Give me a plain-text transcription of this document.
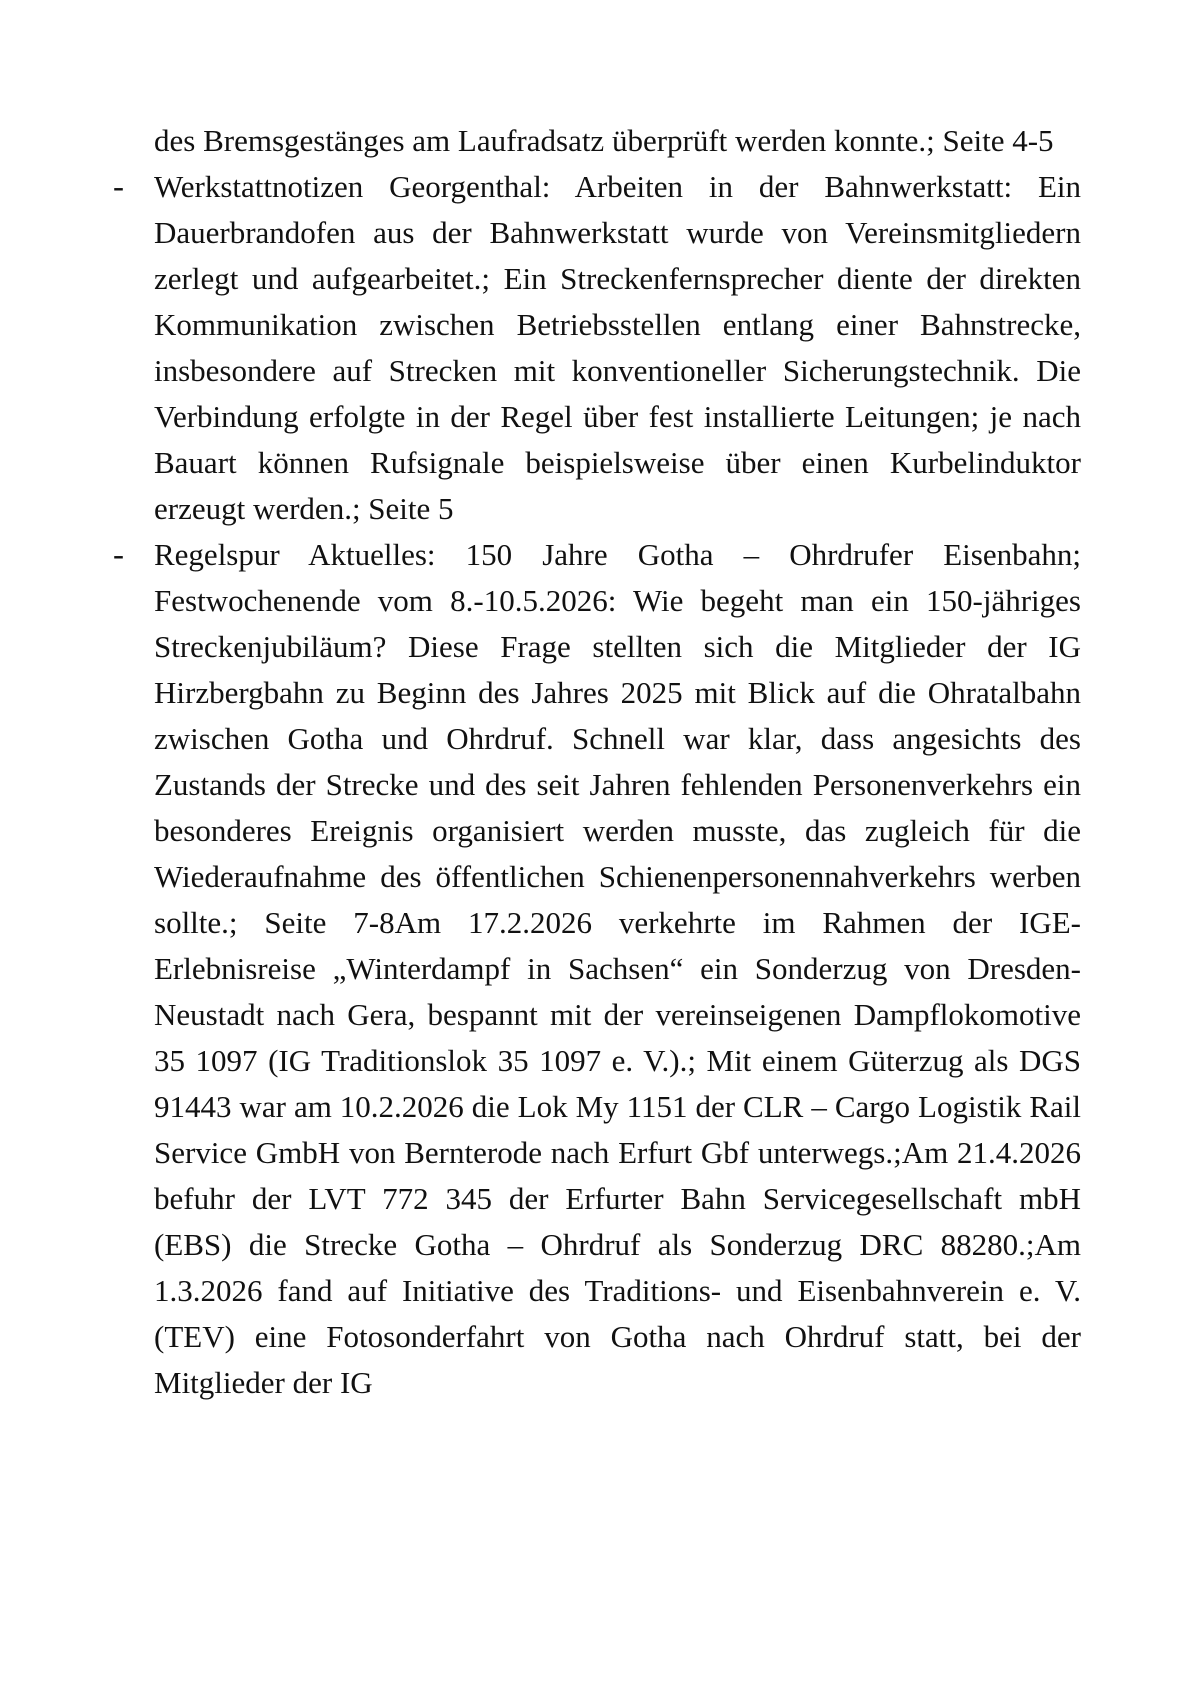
des Bremsgestänges am Laufradsatz überprüft werden konnte.; Seite 4-5
- Werkstattnotizen Georgenthal: Arbeiten in der Bahnwerkstatt: Ein Dauerbrandofen aus der Bahnwerkstatt wurde von Vereinsmitgliedern zerlegt und aufgearbeitet.; Ein Streckenfernsprecher diente der direkten Kommunikation zwischen Betriebsstellen entlang einer Bahnstrecke, insbesondere auf Strecken mit konventioneller Sicherungstechnik. Die Verbindung erfolgte in der Regel über fest installierte Leitungen; je nach Bauart können Rufsignale beispielsweise über einen Kurbelinduktor erzeugt werden.; Seite 5
- Regelspur Aktuelles: 150 Jahre Gotha – Ohrdrufer Eisenbahn; Festwochenende vom 8.-10.5.2026: Wie begeht man ein 150-​jähriges Streckenjubiläum? Diese Frage stellten sich die Mitglieder der IG Hirzbergbahn zu Beginn des Jahres 2025 mit Blick auf die Ohratalbahn zwischen Gotha und Ohrdruf. Schnell war klar, dass angesichts des Zustands der Strecke und des seit Jahren fehlenden Personenverkehrs ein besonderes Ereignis organisiert werden musste, das zugleich für die Wiederaufnahme des öffentlichen Schienenpersonennahverkehrs werben sollte.; Seite 7-8Am 17.2.2026 verkehrte im Rahmen der IGE-Erlebnisreise „Winterdampf in Sachsen“ ein Sonderzug von Dresden-Neustadt nach Gera, bespannt mit der vereinseigenen Dampflokomotive 35 1097 (IG Traditionslok 35 1097 e. V.).; Mit einem Güterzug als DGS 91443 war am 10.2.2026 die Lok My 1151 der CLR – Cargo Logistik Rail Service GmbH von Bernterode nach Erfurt Gbf unterwegs.;Am 21.4.2026 befuhr der LVT 772 345 der Erfurter Bahn Servicegesellschaft mbH (EBS) die Strecke Gotha – Ohrdruf als Sonderzug DRC 88280.;Am 1.3.2026 fand auf Initiative des Traditions- und Eisenbahnverein e. V. (TEV) eine Fotosonderfahrt von Gotha nach Ohrdruf statt, bei der Mitglieder der IG
